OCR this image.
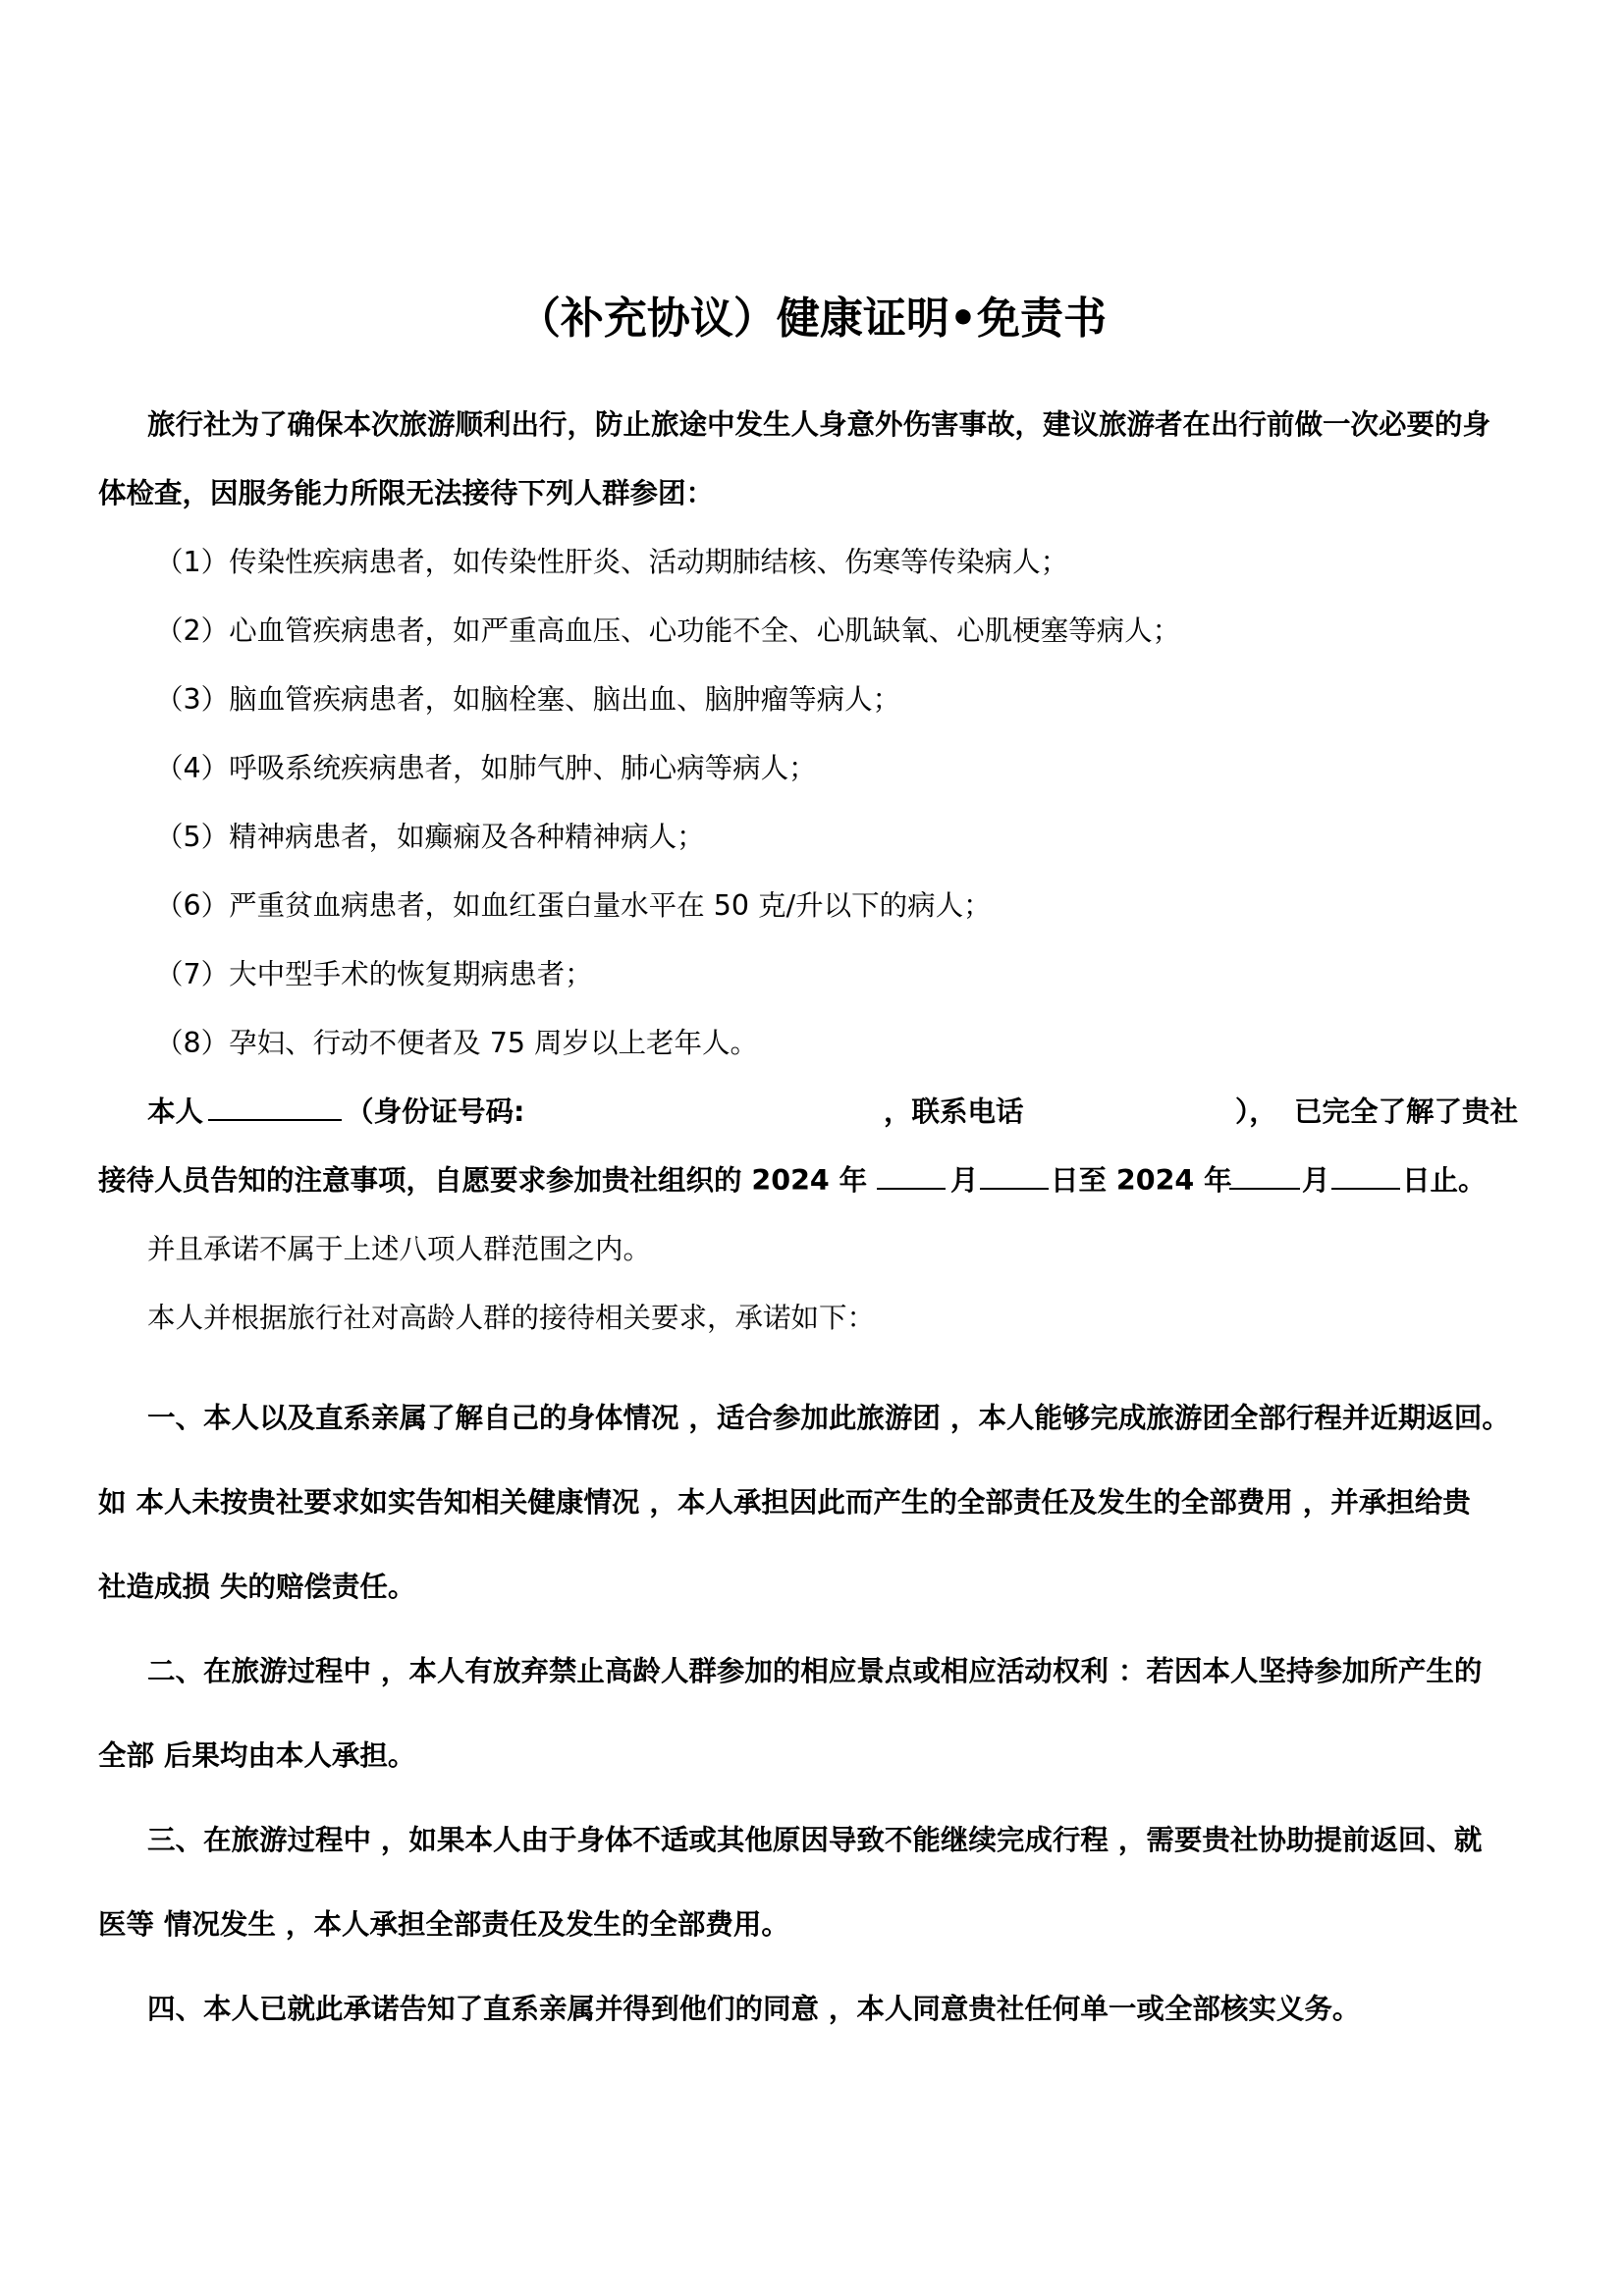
（补充协议）健康证明•免责书
旅行社为了确保本次旅游顺利出行，防止旅途中发生人身意外伤害事故，建议旅游者在出行前做一次必要的身
体检查，因服务能力所限无法接待下列人群参团：
（1）传染性疾病患者，如传染性肝炎、活动期肺结核、伤寒等传染病人；
（2）心血管疾病患者，如严重高血压、心功能不全、心肌缺氧、心肌梗塞等病人；
（3）脑血管疾病患者，如脑栓塞、脑出血、脑肿瘤等病人；
（4）呼吸系统疾病患者，如肺气肿、肺心病等病人；
（5）精神病患者，如癫痫及各种精神病人；
（6）严重贫血病患者，如血红蛋白量水平在 50 克/升以下的病人；
（7）大中型手术的恢复期病患者；
（8）孕妇、行动不便者及 75 周岁以上老年人。
本人	（身份证号码:	，联系电话	）， 已完全了解了贵社
接待人员告知的注意事项，自愿要求参加贵社组织的 2024 年	月	日至 2024 年	月	日止。
并且承诺不属于上述八项人群范围之内。
本人并根据旅行社对高龄人群的接待相关要求，承诺如下：
一、本人以及直系亲属了解自己的身体情况 ，适合参加此旅游团 ，本人能够完成旅游团全部行程并近期返回。
如 本人未按贵社要求如实告知相关健康情况 ，本人承担因此而产生的全部责任及发生的全部费用 ，并承担给贵
社造成损 失的赔偿责任。
二、在旅游过程中 ，本人有放弃禁止高龄人群参加的相应景点或相应活动权利 ：若因本人坚持参加所产生的
全部 后果均由本人承担。
三、在旅游过程中 ，如果本人由于身体不适或其他原因导致不能继续完成行程 ，需要贵社协助提前返回、就
医等 情况发生 ，本人承担全部责任及发生的全部费用。
四、本人已就此承诺告知了直系亲属并得到他们的同意 ，本人同意贵社任何单一或全部核实义务。
